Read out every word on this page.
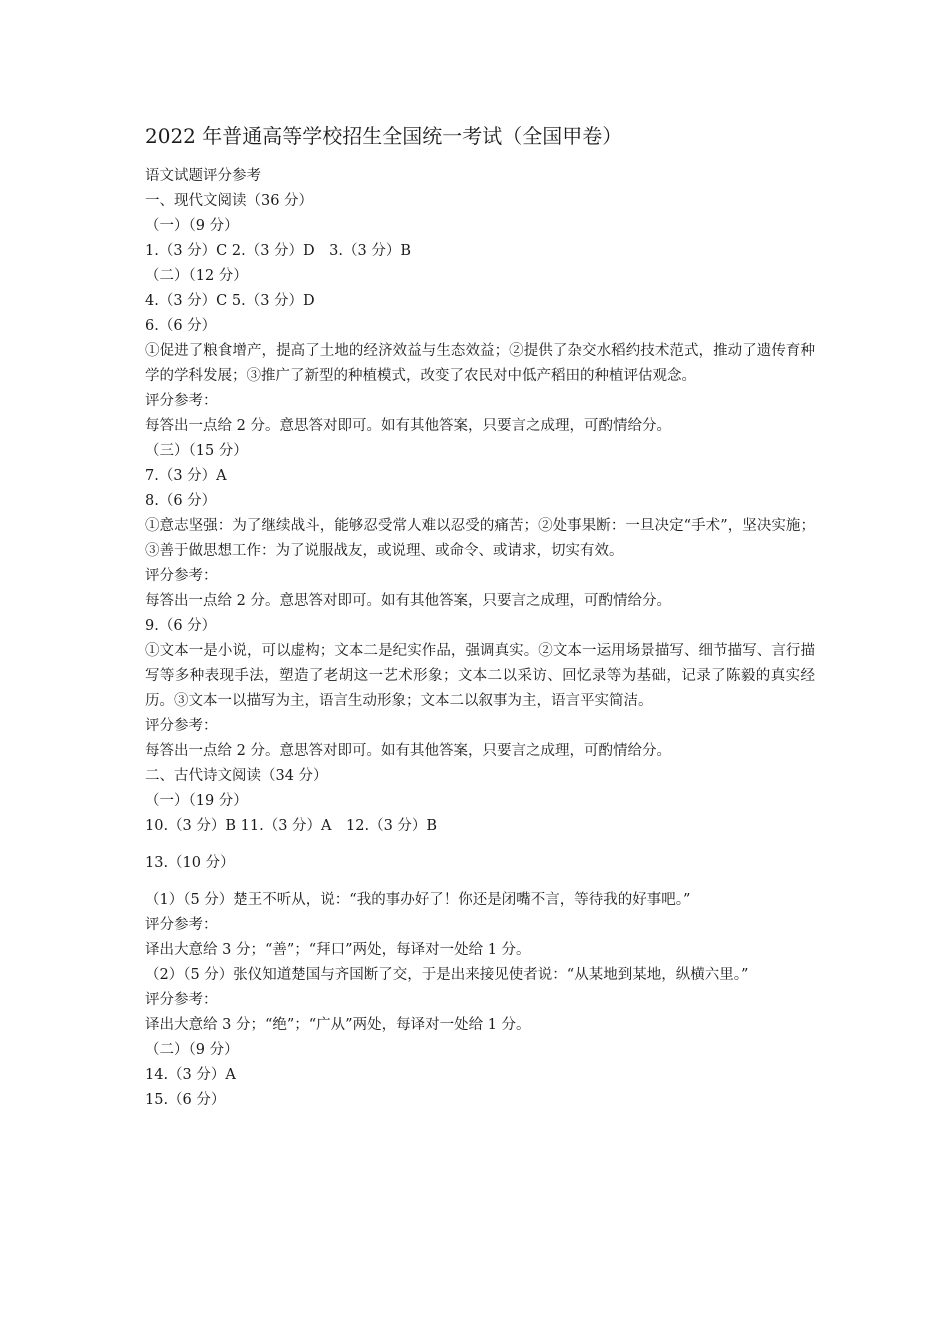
2022 年普通高等学校招生全国统一考试（全国甲卷）

语文试题评分参考

一、现代文阅读（36 分）

（一）（9 分）

1.（3 分）C 2.（3 分）D　3.（3 分）B

（二）（12 分）

4.（3 分）C 5.（3 分）D

6.（6 分）

①促进了粮食增产，提高了土地的经济效益与生态效益；②提供了杂交水稻约技术范式，推动了遗传育种学的学科发展；③推广了新型的种植模式，改变了农民对中低产稻田的种植评估观念。

评分参考：

每答出一点给 2 分。意思答对即可。如有其他答案，只要言之成理，可酌情给分。

（三）（15 分）

7.（3 分）A

8.（6 分）

①意志坚强：为了继续战斗，能够忍受常人难以忍受的痛苦；②处事果断：一旦决定“手术”，坚决实施；③善于做思想工作：为了说服战友，或说理、或命令、或请求，切实有效。

评分参考：

每答出一点给 2 分。意思答对即可。如有其他答案，只要言之成理，可酌情给分。

9.（6 分）

①文本一是小说，可以虚构；文本二是纪实作品，强调真实。②文本一运用场景描写、细节描写、言行描写等多种表现手法，塑造了老胡这一艺术形象；文本二以采访、回忆录等为基础，记录了陈毅的真实经历。③文本一以描写为主，语言生动形象；文本二以叙事为主，语言平实简洁。

评分参考：

每答出一点给 2 分。意思答对即可。如有其他答案，只要言之成理，可酌情给分。

二、古代诗文阅读（34 分）

（一）（19 分）

10.（3 分）B 11.（3 分）A　12.（3 分）B

13.（10 分）

（1）（5 分）楚王不听从，说：“我的事办好了！你还是闭嘴不言，等待我的好事吧。”

评分参考：

译出大意给 3 分；“善”；“拜口”两处，每译对一处给 1 分。

（2）（5 分）张仪知道楚国与齐国断了交，于是出来接见使者说：“从某地到某地，纵横六里。”

评分参考：

译出大意给 3 分；“绝”；“广从”两处，每译对一处给 1 分。

（二）（9 分）

14.（3 分）A

15.（6 分）
